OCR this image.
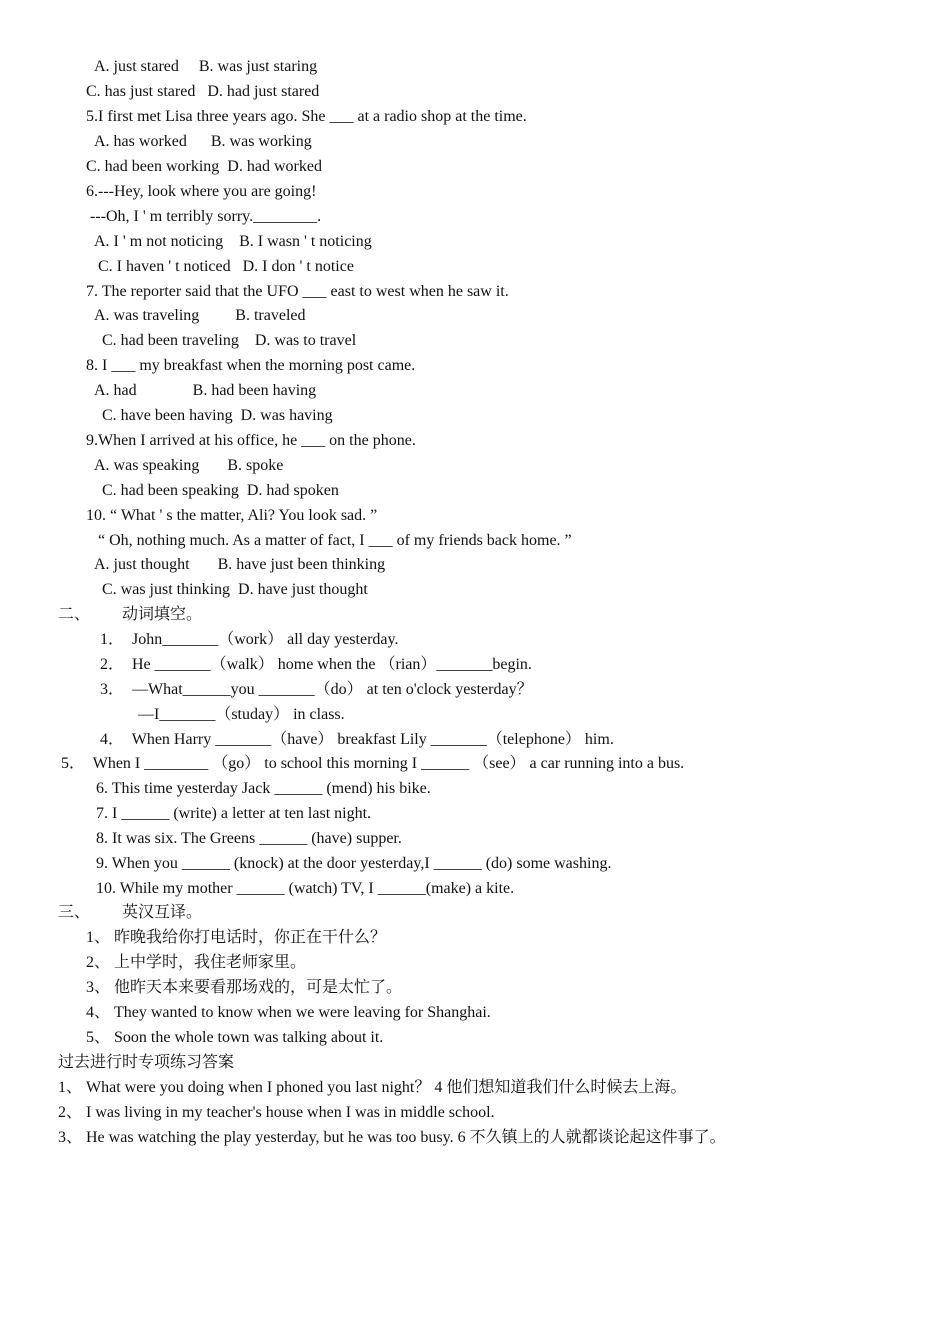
A. just stared     B. was just staring
C. has just stared   D. had just stared
5.I first met Lisa three years ago. She ___ at a radio shop at the time.
A. has worked      B. was working
C. had been working  D. had worked
6.---Hey, look where you are going!
---Oh, I ' m terribly sorry.________.
A. I ' m not noticing    B. I wasn ' t noticing
C. I haven ' t noticed   D. I don ' t notice
7. The reporter said that the UFO ___ east to west when he saw it.
A. was traveling         B. traveled
C. had been traveling    D. was to travel
8. I ___ my breakfast when the morning post came.
A. had              B. had been having
C. have been having  D. was having
9.When I arrived at his office, he ___ on the phone.
A. was speaking       B. spoke
C. had been speaking  D. had spoken
10. “ What ' s the matter, Ali? You look sad. ”
“ Oh, nothing much. As a matter of fact, I ___ of my friends back home. ”
A. just thought       B. have just been thinking
C. was just thinking  D. have just thought
二、        动词填空。
1．  John_______（work） all day yesterday.
2．  He _______（walk） home when the （rian）_______begin.
3．  —What______you _______（do） at ten o'clock yesterday？
—I_______（studay） in class.
4．  When Harry _______（have） breakfast Lily _______（telephone） him.
5．  When I ________ （go） to school this morning I ______ （see） a car running into a bus.
6. This time yesterday Jack ______ (mend) his bike.
7. I ______ (write) a letter at ten last night.
8. It was six. The Greens ______ (have) supper.
9. When you ______ (knock) at the door yesterday,I ______ (do) some washing.
10. While my mother ______ (watch) TV, I ______(make) a kite.
三、        英汉互译。
1、 昨晚我给你打电话时，你正在干什么？
2、 上中学时，我住老师家里。
3、 他昨天本来要看那场戏的，可是太忙了。
4、 They wanted to know when we were leaving for Shanghai.
5、 Soon the whole town was talking about it.
过去进行时专项练习答案
1、 What were you doing when I phoned you last night？ 4 他们想知道我们什么时候去上海。
2、 I was living in my teacher's house when I was in middle school.
3、 He was watching the play yesterday, but he was too busy. 6 不久镇上的人就都谈论起这件事了。
